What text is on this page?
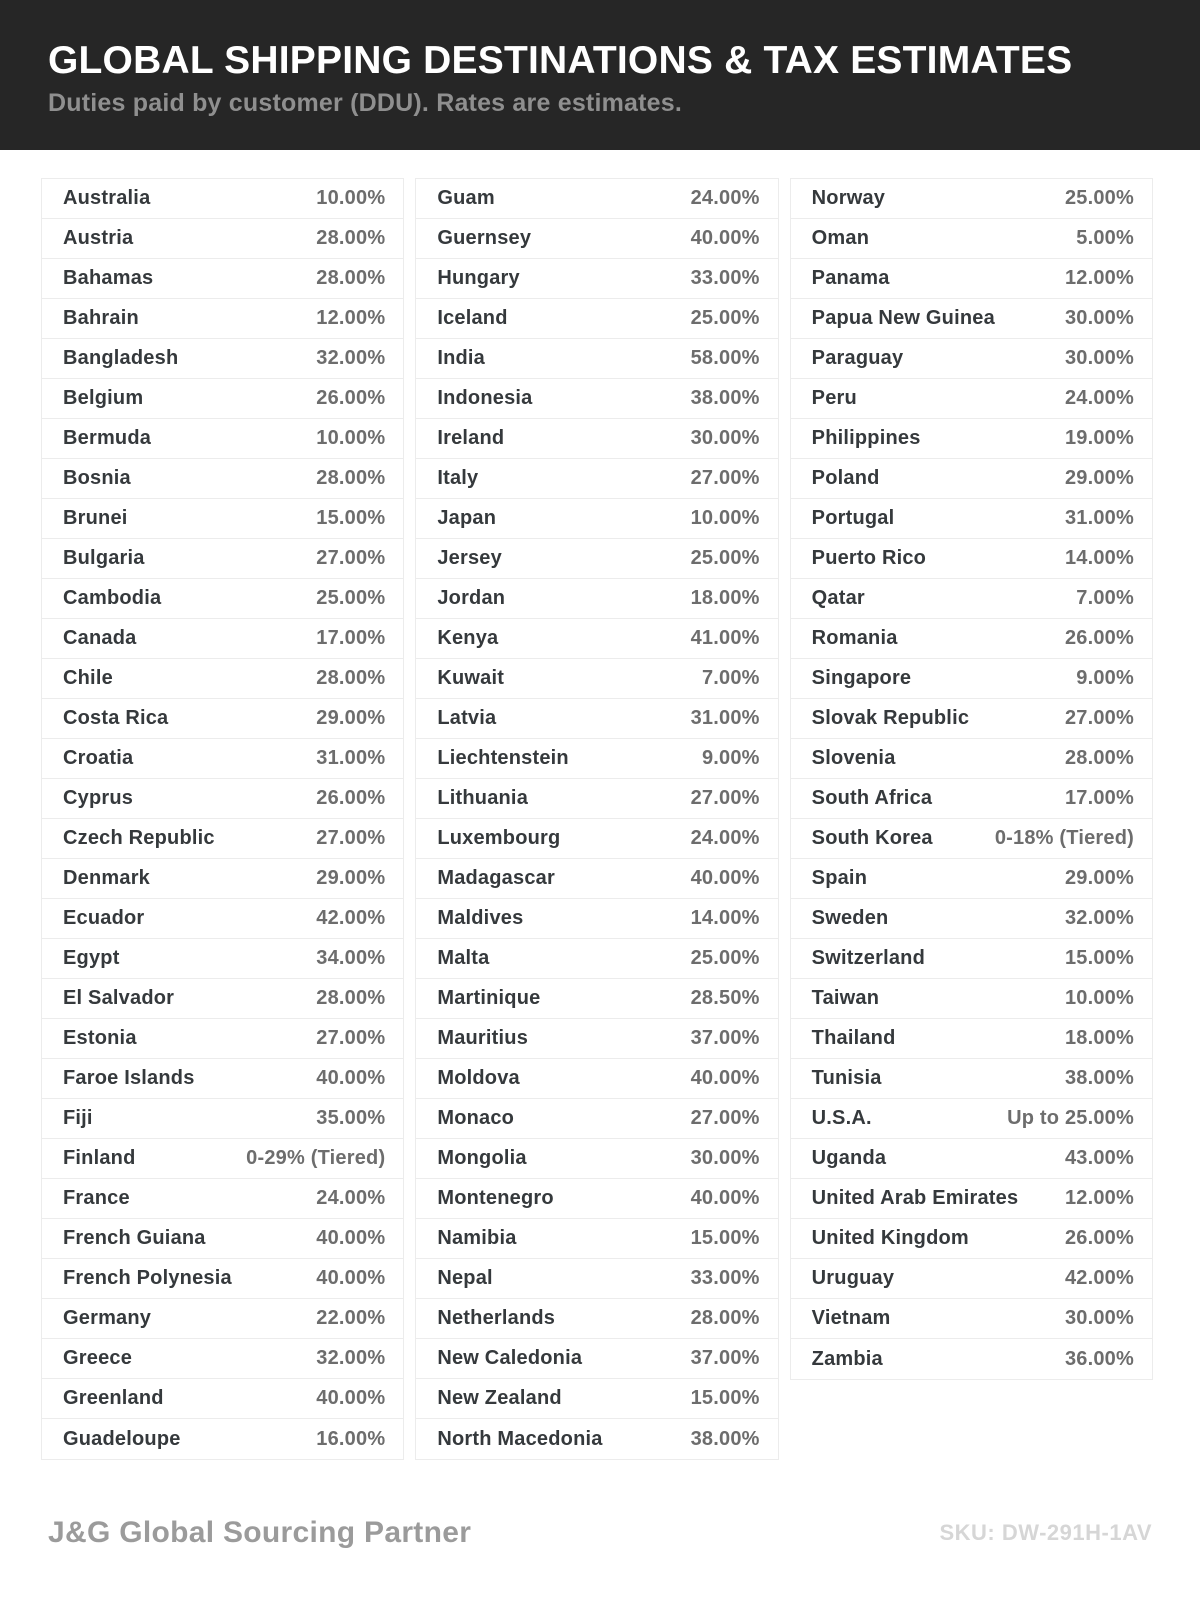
GLOBAL SHIPPING DESTINATIONS & TAX ESTIMATES

Duties paid by customer (DDU). Rates are estimates.

Australia	10.00%
Austria	28.00%
Bahamas	28.00%
Bahrain	12.00%
Bangladesh	32.00%
Belgium	26.00%
Bermuda	10.00%
Bosnia	28.00%
Brunei	15.00%
Bulgaria	27.00%
Cambodia	25.00%
Canada	17.00%
Chile	28.00%
Costa Rica	29.00%
Croatia	31.00%
Cyprus	26.00%
Czech Republic	27.00%
Denmark	29.00%
Ecuador	42.00%
Egypt	34.00%
El Salvador	28.00%
Estonia	27.00%
Faroe Islands	40.00%
Fiji	35.00%
Finland	0-29% (Tiered)
France	24.00%
French Guiana	40.00%
French Polynesia	40.00%
Germany	22.00%
Greece	32.00%
Greenland	40.00%
Guadeloupe	16.00%
Guam	24.00%
Guernsey	40.00%
Hungary	33.00%
Iceland	25.00%
India	58.00%
Indonesia	38.00%
Ireland	30.00%
Italy	27.00%
Japan	10.00%
Jersey	25.00%
Jordan	18.00%
Kenya	41.00%
Kuwait	7.00%
Latvia	31.00%
Liechtenstein	9.00%
Lithuania	27.00%
Luxembourg	24.00%
Madagascar	40.00%
Maldives	14.00%
Malta	25.00%
Martinique	28.50%
Mauritius	37.00%
Moldova	40.00%
Monaco	27.00%
Mongolia	30.00%
Montenegro	40.00%
Namibia	15.00%
Nepal	33.00%
Netherlands	28.00%
New Caledonia	37.00%
New Zealand	15.00%
North Macedonia	38.00%
Norway	25.00%
Oman	5.00%
Panama	12.00%
Papua New Guinea	30.00%
Paraguay	30.00%
Peru	24.00%
Philippines	19.00%
Poland	29.00%
Portugal	31.00%
Puerto Rico	14.00%
Qatar	7.00%
Romania	26.00%
Singapore	9.00%
Slovak Republic	27.00%
Slovenia	28.00%
South Africa	17.00%
South Korea	0-18% (Tiered)
Spain	29.00%
Sweden	32.00%
Switzerland	15.00%
Taiwan	10.00%
Thailand	18.00%
Tunisia	38.00%
U.S.A.	Up to 25.00%
Uganda	43.00%
United Arab Emirates 12.00%
United Kingdom	26.00%
Uruguay	42.00%
Vietnam	30.00%
Zambia	36.00%
J&G Global Sourcing Partner	SKU: DW-291H-1AV
